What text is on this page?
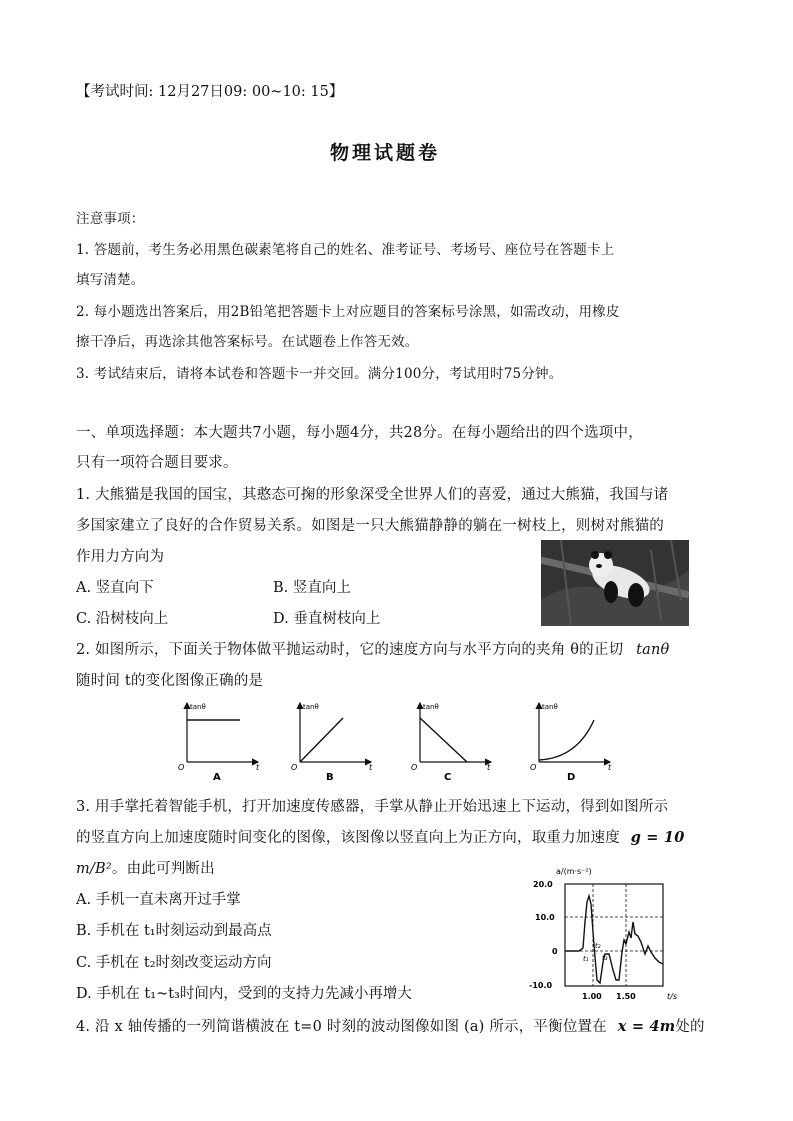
【考试时间: 12月27日09: 00~10: 15】
物理试题卷
注意事项：
1. 答题前，考生务必用黑色碳素笔将自己的姓名、准考证号、考场号、座位号在答题卡上
填写清楚。
2. 每小题选出答案后，用2B铅笔把答题卡上对应题目的答案标号涂黑，如需改动，用橡皮
擦干净后，再选涂其他答案标号。在试题卷上作答无效。
3. 考试结束后，请将本试卷和答题卡一并交回。满分100分，考试用时75分钟。
一、单项选择题：本大题共7小题，每小题4分，共28分。在每小题给出的四个选项中，
只有一项符合题目要求。
1. 大熊猫是我国的国宝，其憨态可掬的形象深受全世界人们的喜爱，通过大熊猫，我国与诸
多国家建立了良好的合作贸易关系。如图是一只大熊猫静静的躺在一树枝上，则树对熊猫的
作用力方向为
A. 竖直向下	B. 竖直向上
C. 沿树枝向上	D. 垂直树枝向上
2. 如图所示，下面关于物体做平抛运动时，它的速度方向与水平方向的夹角 θ的正切 tanθ
随时间 t的变化图像正确的是
tanθ
O	t
A
tanθ
O	t
B
tanθ
O	t
C
tanθ
O	t
D
3. 用手掌托着智能手机，打开加速度传感器，手掌从静止开始迅速上下运动，得到如图所示
的竖直方向上加速度随时间变化的图像，该图像以竖直向上为正方向，取重力加速度 g = 10
m/B²。由此可判断出
A. 手机一直未离开过手掌
B. 手机在 t₁时刻运动到最高点
C. 手机在 t₂时刻改变运动方向
D. 手机在 t₁~t₃时间内，受到的支持力先减小再增大
a/(m·s⁻²)
20.0
10.0
0
-10.0
1.00 1.50	t/s
t₁
t₂
t₃
4. 沿 x 轴传播的一列简谐横波在 t=0 时刻的波动图像如图 (a) 所示，平衡位置在 x = 4m处的
